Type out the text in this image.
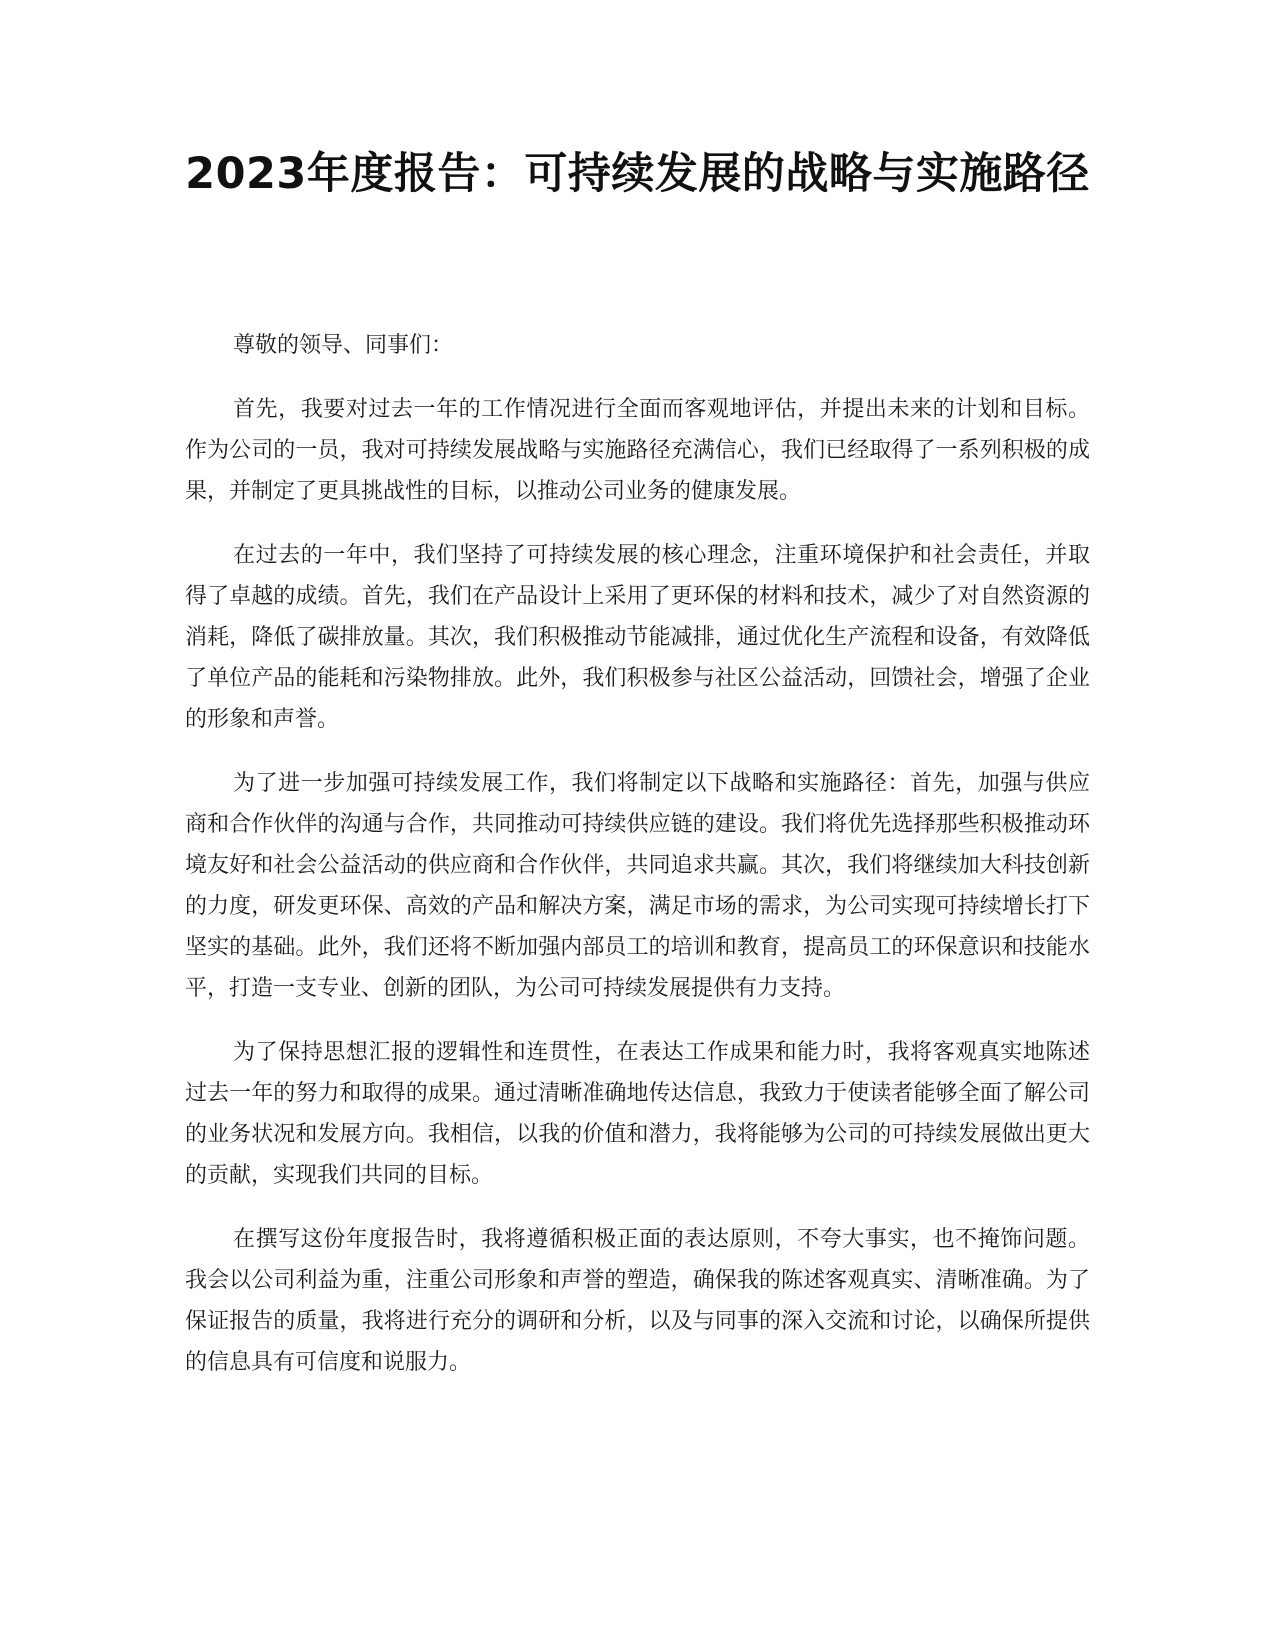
2023年度报告：可持续发展的战略与实施路径

尊敬的领导、同事们：

首先，我要对过去一年的工作情况进行全面而客观地评估，并提出未来的计划和目标。作为公司的一员，我对可持续发展战略与实施路径充满信心，我们已经取得了一系列积极的成果，并制定了更具挑战性的目标，以推动公司业务的健康发展。

在过去的一年中，我们坚持了可持续发展的核心理念，注重环境保护和社会责任，并取得了卓越的成绩。首先，我们在产品设计上采用了更环保的材料和技术，减少了对自然资源的消耗，降低了碳排放量。其次，我们积极推动节能减排，通过优化生产流程和设备，有效降低了单位产品的能耗和污染物排放。此外，我们积极参与社区公益活动，回馈社会，增强了企业的形象和声誉。

为了进一步加强可持续发展工作，我们将制定以下战略和实施路径：首先，加强与供应商和合作伙伴的沟通与合作，共同推动可持续供应链的建设。我们将优先选择那些积极推动环境友好和社会公益活动的供应商和合作伙伴，共同追求共赢。其次，我们将继续加大科技创新的力度，研发更环保、高效的产品和解决方案，满足市场的需求，为公司实现可持续增长打下坚实的基础。此外，我们还将不断加强内部员工的培训和教育，提高员工的环保意识和技能水平，打造一支专业、创新的团队，为公司可持续发展提供有力支持。

为了保持思想汇报的逻辑性和连贯性，在表达工作成果和能力时，我将客观真实地陈述过去一年的努力和取得的成果。通过清晰准确地传达信息，我致力于使读者能够全面了解公司的业务状况和发展方向。我相信，以我的价值和潜力，我将能够为公司的可持续发展做出更大的贡献，实现我们共同的目标。

在撰写这份年度报告时，我将遵循积极正面的表达原则，不夸大事实，也不掩饰问题。我会以公司利益为重，注重公司形象和声誉的塑造，确保我的陈述客观真实、清晰准确。为了保证报告的质量，我将进行充分的调研和分析，以及与同事的深入交流和讨论，以确保所提供的信息具有可信度和说服力。
